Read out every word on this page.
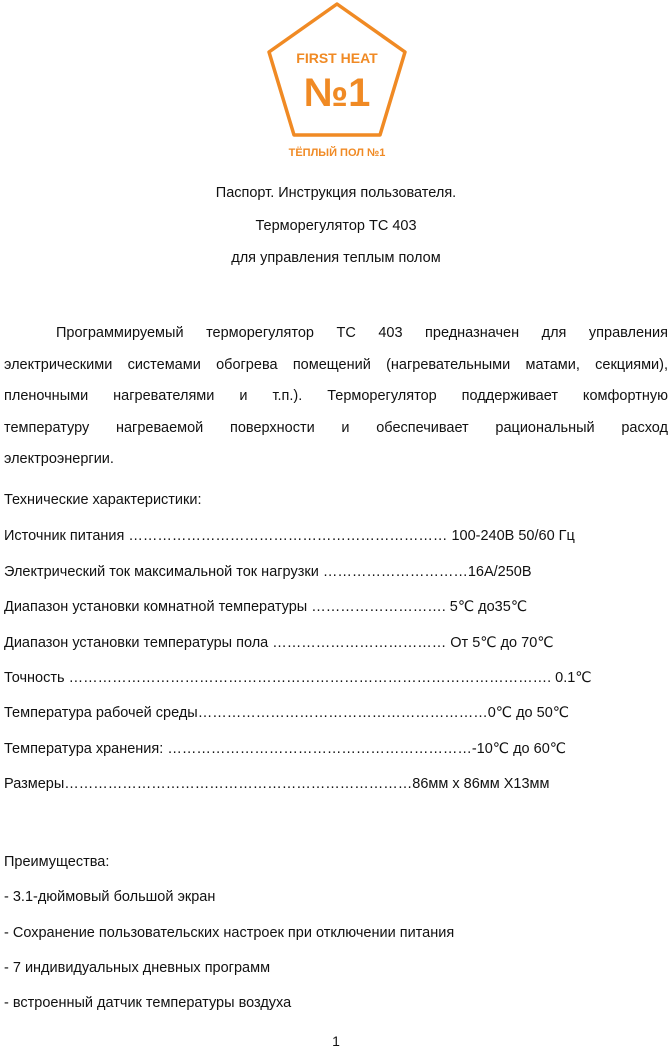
FIRST HEAT
№1
ТЁПЛЫЙ ПОЛ №1
Паспорт. Инструкция пользователя.
Терморегулятор ТС 403
для управления теплым полом
Программируемый терморегулятор ТС 403 предназначен для управления
электрическими системами обогрева помещений (нагревательными матами, секциями),
пленочными нагревателями и т.п.). Терморегулятор поддерживает комфортную
температуру нагреваемой поверхности и обеспечивает рациональный расход
электроэнергии.
Технические характеристики:
Источник питания ………………………………………………………… 100-240В 50/60 Гц
Электрический ток максимальной ток нагрузки …………………………16А/250В
Диапазон установки комнатной температуры ………………………. 5℃ до35℃
Диапазон установки температуры пола ……………………………… От 5℃ до 70℃
Точность ………………………………………………………………………………………. 0.1℃
Температура рабочей среды……………………………………………………0℃ до 50℃
Температура хранения: ………………………………………………………-10℃ до 60℃
Размеры………………………………………………………………86мм х 86мм Х13мм
Преимущества:
- 3.1-дюймовый большой экран
- Сохранение пользовательских настроек при отключении питания
- 7 индивидуальных дневных программ
- встроенный датчик температуры воздуха
1
